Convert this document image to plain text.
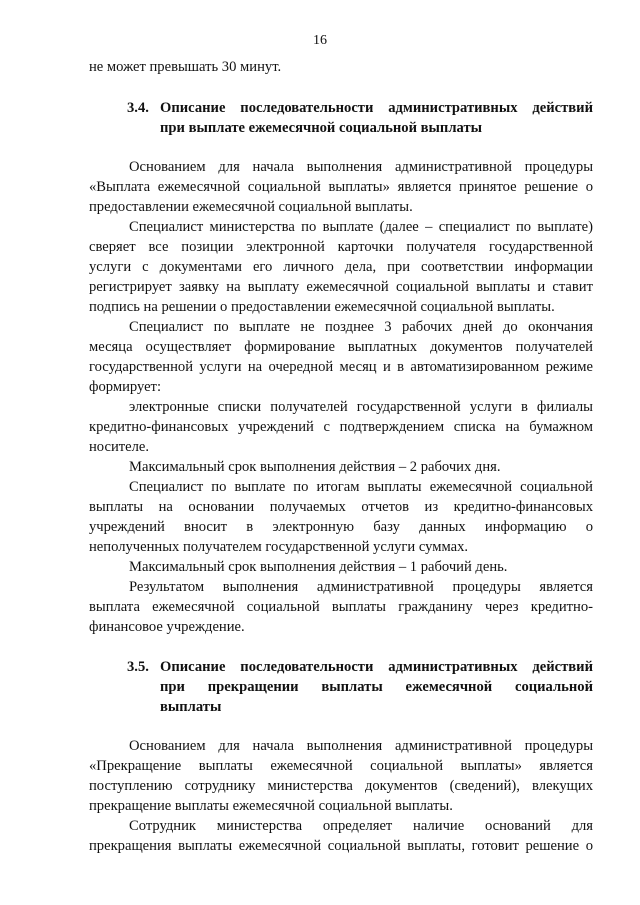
16
не может превышать 30 минут.
3.4. Описание последовательности административных действий
при выплате ежемесячной социальной выплаты
Основанием для начала выполнения административной процедуры
«Выплата ежемесячной социальной выплаты» является принятое решение о
предоставлении ежемесячной социальной выплаты.
Специалист министерства по выплате (далее – специалист по выплате)
сверяет все позиции электронной карточки получателя государственной
услуги с документами его личного дела, при соответствии информации
регистрирует заявку на выплату ежемесячной социальной выплаты и ставит
подпись на решении о предоставлении ежемесячной социальной выплаты.
Специалист по выплате не позднее 3 рабочих дней до окончания
месяца осуществляет формирование выплатных документов получателей
государственной услуги на очередной месяц и в автоматизированном режиме
формирует:
электронные списки получателей государственной услуги в филиалы
кредитно-финансовых учреждений с подтверждением списка на бумажном
носителе.
Максимальный срок выполнения действия – 2 рабочих дня.
Специалист по выплате по итогам выплаты ежемесячной социальной
выплаты на основании получаемых отчетов из кредитно-финансовых
учреждений вносит в электронную базу данных информацию о
неполученных получателем государственной услуги суммах.
Максимальный срок выполнения действия – 1 рабочий день.
Результатом выполнения административной процедуры является
выплата ежемесячной социальной выплаты гражданину через кредитно-
финансовое учреждение.
3.5. Описание последовательности административных действий
при прекращении выплаты ежемесячной социальной
выплаты
Основанием для начала выполнения административной процедуры
«Прекращение выплаты ежемесячной социальной выплаты» является
поступлению сотруднику министерства документов (сведений), влекущих
прекращение выплаты ежемесячной социальной выплаты.
Сотрудник министерства определяет наличие оснований для
прекращения выплаты ежемесячной социальной выплаты, готовит решение о
